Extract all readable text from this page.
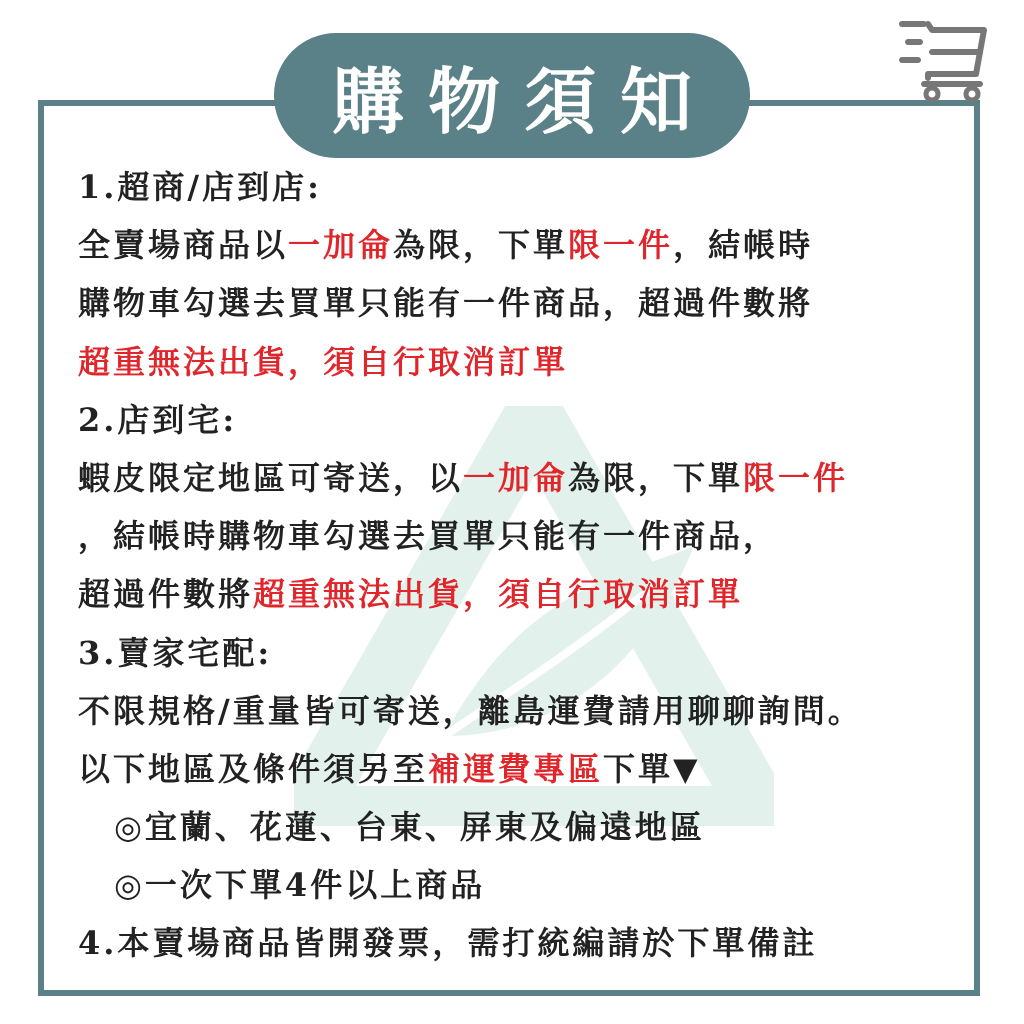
購物須知
1.超商/店到店:
全賣場商品以一加侖為限，下單限一件，結帳時
購物車勾選去買單只能有一件商品，超過件數將
超重無法出貨，須自行取消訂單
2.店到宅:
蝦皮限定地區可寄送，以一加侖為限，下單限一件
，結帳時購物車勾選去買單只能有一件商品，
超過件數將超重無法出貨，須自行取消訂單
3.賣家宅配:
不限規格/重量皆可寄送，離島運費請用聊聊詢問。
以下地區及條件須另至補運費專區下單▼
◎宜蘭、花蓮、台東、屏東及偏遠地區
◎一次下單4件以上商品
4.本賣場商品皆開發票，需打統編請於下單備註
